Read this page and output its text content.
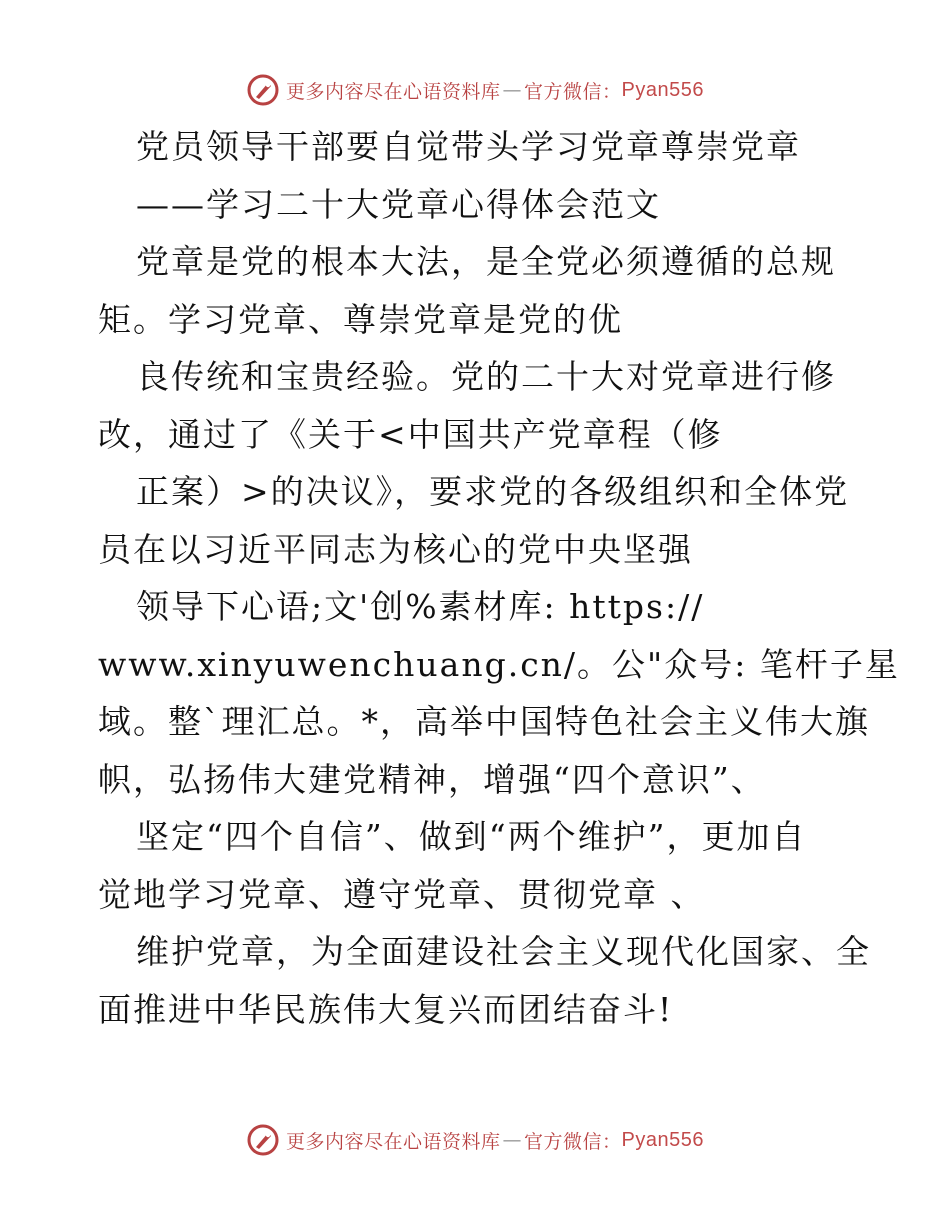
更多内容尽在心语资料库 — 官方微信： Pyan556
党员领导干部要自觉带头学习党章尊崇党章
——学习二十大党章心得体会范文
党章是党的根本大法，是全党必须遵循的总规
矩。学习党章、尊崇党章是党的优
良传统和宝贵经验。党的二十大对党章进行修
改，通过了《关于<中国共产党章程（修
正案）>的决议》，要求党的各级组织和全体党
员在以习近平同志为核心的党中央坚强
领导下心语;文'创%素材库: https://
www.xinyuwenchuang.cn/。公"众号: 笔杆子星
域。整`理汇总。*，高举中国特色社会主义伟大旗
帜，弘扬伟大建党精神，增强“四个意识”、
坚定“四个自信”、做到“两个维护”，更加自
觉地学习党章、遵守党章、贯彻党章 、
维护党章，为全面建设社会主义现代化国家、全
面推进中华民族伟大复兴而团结奋斗!
更多内容尽在心语资料库 — 官方微信： Pyan556
